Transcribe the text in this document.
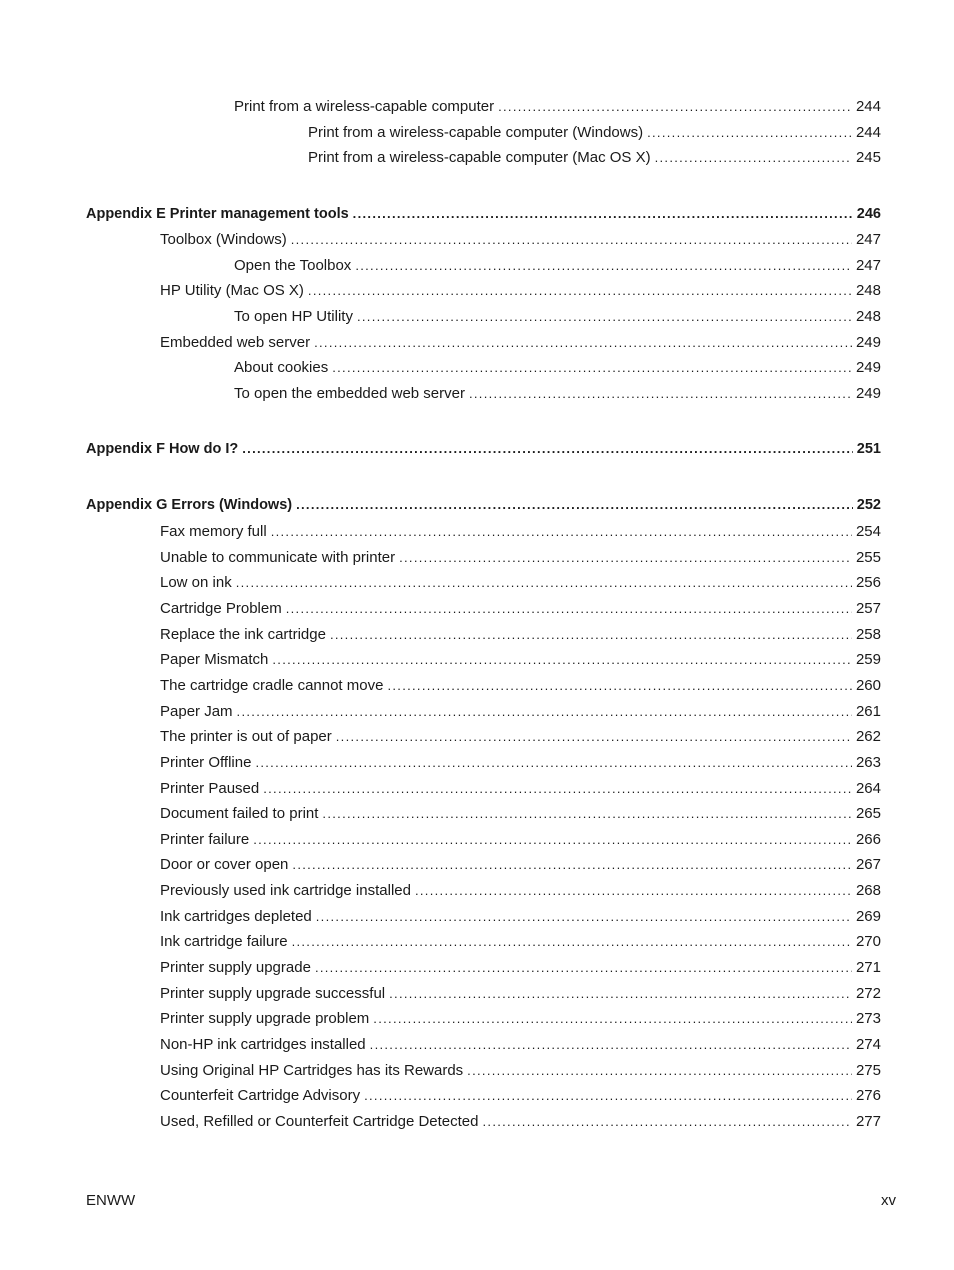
Print from a wireless-capable computer .....	244
Print from a wireless-capable computer (Windows) .....	244
Print from a wireless-capable computer (Mac OS X) .....	245
Appendix E Printer management tools .....	246
Toolbox (Windows) .....	247
Open the Toolbox .....	247
HP Utility (Mac OS X) .....	248
To open HP Utility .....	248
Embedded web server .....	249
About cookies .....	249
To open the embedded web server .....	249
Appendix F How do I? .....	251
Appendix G Errors (Windows) .....	252
Fax memory full .....	254
Unable to communicate with printer .....	255
Low on ink .....	256
Cartridge Problem .....	257
Replace the ink cartridge .....	258
Paper Mismatch .....	259
The cartridge cradle cannot move .....	260
Paper Jam .....	261
The printer is out of paper .....	262
Printer Offline .....	263
Printer Paused .....	264
Document failed to print .....	265
Printer failure .....	266
Door or cover open .....	267
Previously used ink cartridge installed .....	268
Ink cartridges depleted .....	269
Ink cartridge failure .....	270
Printer supply upgrade .....	271
Printer supply upgrade successful .....	272
Printer supply upgrade problem .....	273
Non-HP ink cartridges installed .....	274
Using Original HP Cartridges has its Rewards .....	275
Counterfeit Cartridge Advisory .....	276
Used, Refilled or Counterfeit Cartridge Detected .....	277
ENWW	xv
